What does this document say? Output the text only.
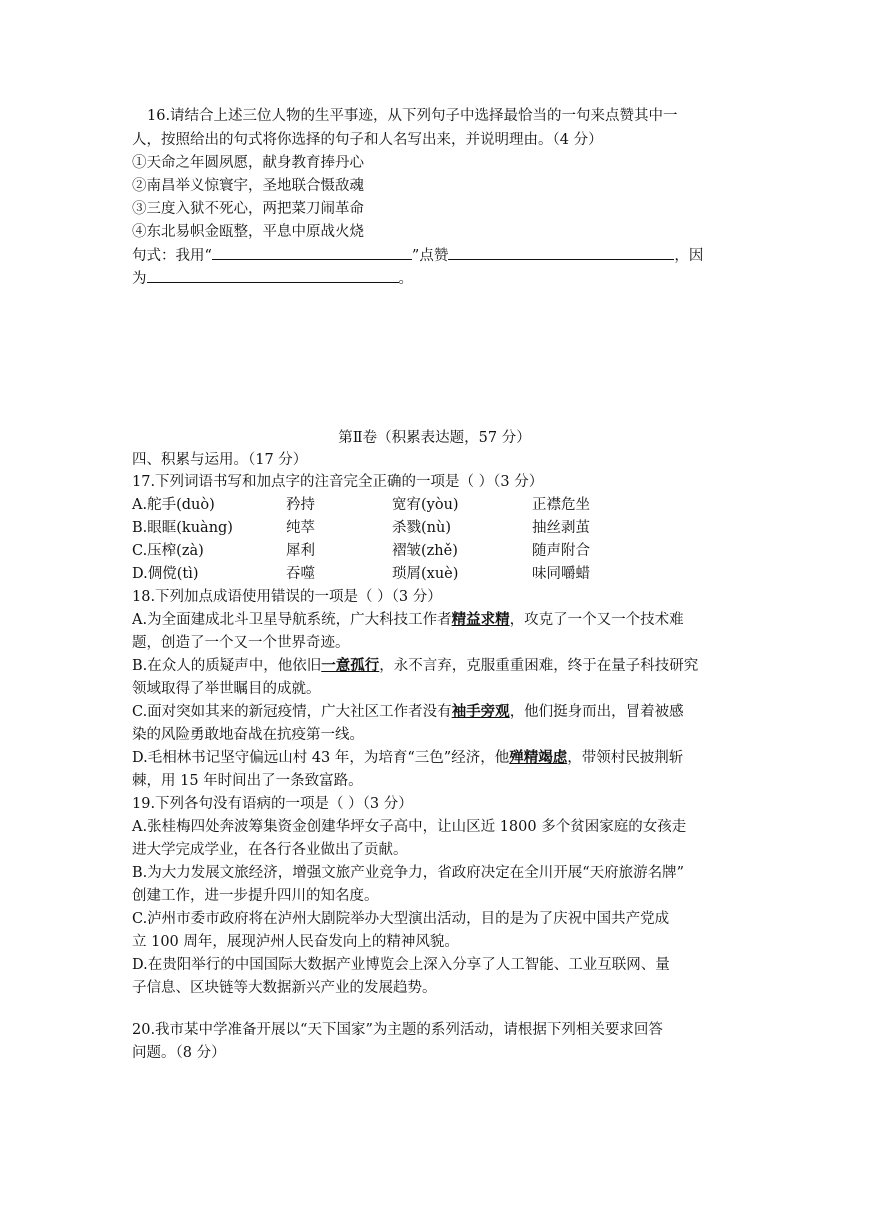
16.请结合上述三位人物的生平事迹，从下列句子中选择最恰当的一句来点赞其中一
人，按照给出的句式将你选择的句子和人名写出来，并说明理由。（4 分）
①天命之年圆夙愿，献身教育捧丹心
②南昌举义惊寰宇，圣地联合慑敌魂
③三度入狱不死心，两把菜刀闹革命
④东北易帜金瓯整，平息中原战火烧
句式：我用“	”点赞	，因
为	。
第Ⅱ卷（积累表达题，57 分）
四、积累与运用。（17 分）
17.下列词语书写和加点字的注音完全正确的一项是（ ）（3 分）
A.舵手(duò)	矜持	宽宥(yòu)	正襟危坐
B.眼眶(kuàng)	纯萃	杀戮(nù)	抽丝剥茧
C.压榨(zà)	犀利	褶皱(zhě)	随声附合
D.倜傥(tì)	吞噬	琐屑(xuè)	味同嚼蜡
18.下列加点成语使用错误的一项是（ ）（3 分）
A.为全面建成北斗卫星导航系统，广大科技工作者精益求精，攻克了一个又一个技术难
题，创造了一个又一个世界奇迹。
B.在众人的质疑声中，他依旧一意孤行，永不言弃，克服重重困难，终于在量子科技研究
领域取得了举世瞩目的成就。
C.面对突如其来的新冠疫情，广大社区工作者没有袖手旁观，他们挺身而出，冒着被感
染的风险勇敢地奋战在抗疫第一线。
D.毛相林书记坚守偏远山村 43 年，为培育“三色”经济，他殚精竭虑，带领村民披荆斩
棘，用 15 年时间出了一条致富路。
19.下列各句没有语病的一项是（ ）（3 分）
A.张桂梅四处奔波筹集资金创建华坪女子高中，让山区近 1800 多个贫困家庭的女孩走
进大学完成学业，在各行各业做出了贡献。
B.为大力发展文旅经济，增强文旅产业竞争力，省政府决定在全川开展“天府旅游名牌”
创建工作，进一步提升四川的知名度。
C.泸州市委市政府将在泸州大剧院举办大型演出活动，目的是为了庆祝中国共产党成
立 100 周年，展现泸州人民奋发向上的精神风貌。
D.在贵阳举行的中国国际大数据产业博览会上深入分享了人工智能、工业互联网、量
子信息、区块链等大数据新兴产业的发展趋势。
20.我市某中学准备开展以“天下国家”为主题的系列活动，请根据下列相关要求回答
问题。（8 分）
